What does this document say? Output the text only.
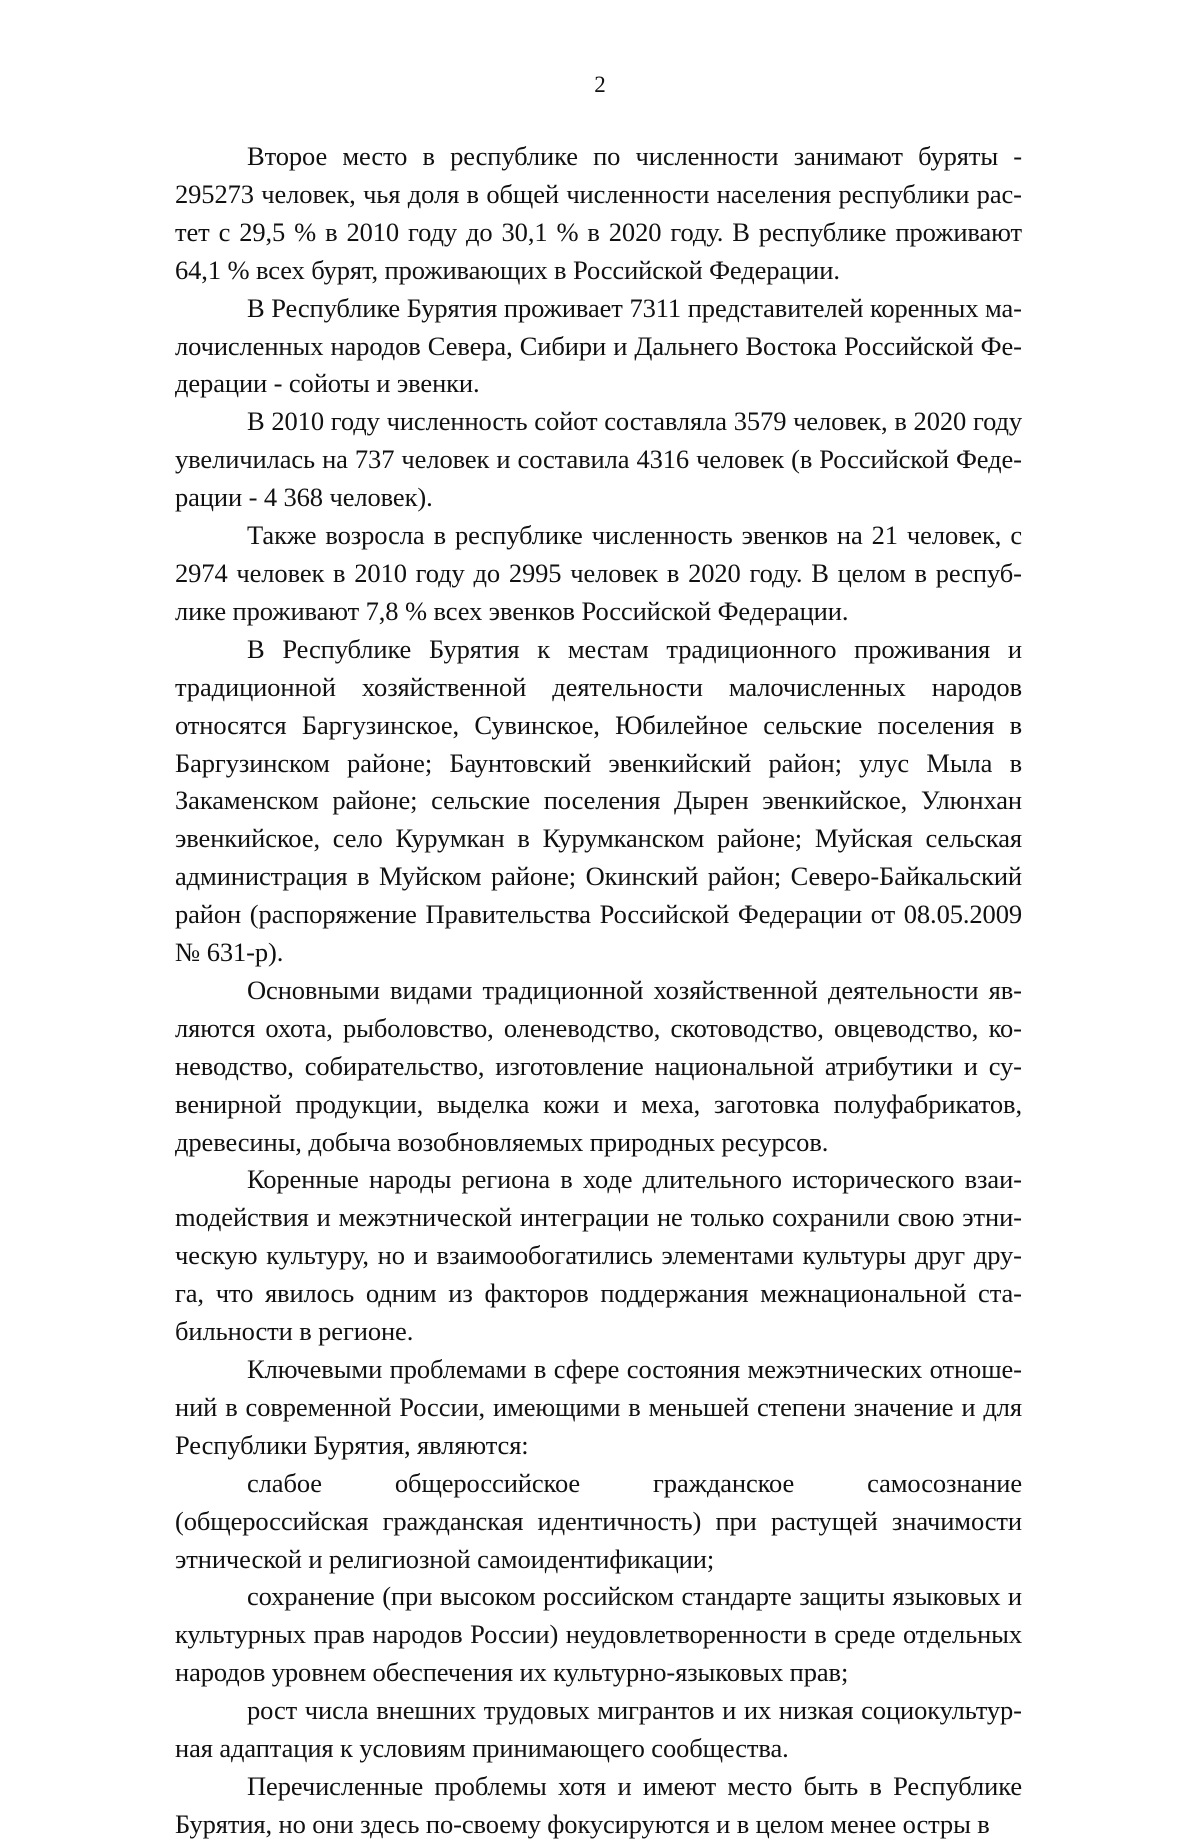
2

Второе место в республике по численности занимают буряты - 295273 человек, чья доля в общей численности населения республики растет с 29,5 % в 2010 году до 30,1 % в 2020 году. В республике проживают 64,1 % всех бурят, проживающих в Российской Федерации.

В Республике Бурятия проживает 7311 представителей коренных малочисленных народов Севера, Сибири и Дальнего Востока Российской Федерации - сойоты и эвенки.

В 2010 году численность сойот составляла 3579 человек, в 2020 году увеличилась на 737 человек и составила 4316 человек (в Российской Федерации - 4 368 человек).

Также возросла в республике численность эвенков на 21 человек, с 2974 человек в 2010 году до 2995 человек в 2020 году. В целом в республике проживают 7,8 % всех эвенков Российской Федерации.

В Республике Бурятия к местам традиционного проживания и традиционной хозяйственной деятельности малочисленных народов относятся Баргузинское, Сувинское, Юбилейное сельские поселения в Баргузинском районе; Баунтовский эвенкийский район; улус Мыла в Закаменском районе; сельские поселения Дырен эвенкийское, Улюнхан эвенкийское, село Курумкан в Курумканском районе; Муйская сельская администрация в Муйском районе; Окинский район; Северо-Байкальский район (распоряжение Правительства Российской Федерации от 08.05.2009 № 631-р).

Основными видами традиционной хозяйственной деятельности являются охота, рыболовство, оленеводство, скотоводство, овцеводство, коневодство, собирательство, изготовление национальной атрибутики и сувенирной продукции, выделка кожи и меха, заготовка полуфабрикатов, древесины, добыча возобновляемых природных ресурсов.

Коренные народы региона в ходе длительного исторического взаиmодействия и межэтнической интеграции не только сохранили свою этническую культуру, но и взаимообогатились элементами культуры друг друга, что явилось одним из факторов поддержания межнациональной стабильности в регионе.

Ключевыми проблемами в сфере состояния межэтнических отношений в современной России, имеющими в меньшей степени значение и для Республики Бурятия, являются:

слабое общероссийское гражданское самосознание (общероссийская гражданская идентичность) при растущей значимости этнической и религиозной самоидентификации;

сохранение (при высоком российском стандарте защиты языковых и культурных прав народов России) неудовлетворенности в среде отдельных народов уровнем обеспечения их культурно-языковых прав;

рост числа внешних трудовых мигрантов и их низкая социокультурная адаптация к условиям принимающего сообщества.

Перечисленные проблемы хотя и имеют место быть в Республике Бурятия, но они здесь по-своему фокусируются и в целом менее остры в
